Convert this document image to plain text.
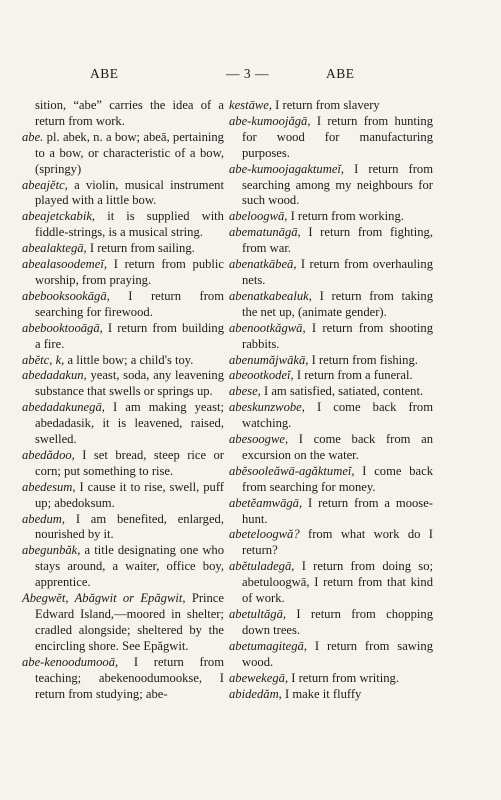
ABE	— 3 —	ABE

sition, “abe” carries the idea of a return from work.

abe. pl. abek, n. a bow; abeā, pertaining to a bow, or characteristic of a bow, (springy)

abeajĕtc, a violin, musical instrument played with a little bow.

abeajetckabik, it is supplied with fiddle-strings, is a musical string.

abealaktegā, I return from sailing.

abealasoodemeĭ, I return from public worship, from praying.

abebooksookāgā, I return from searching for firewood.

abebooktooāgā, I return from building a fire.

abĕtc, k, a little bow; a child's toy.

abedadakun, yeast, soda, any leavening substance that swells or springs up.

abedadakunegā, I am making yeast; abedadasik, it is leavened, raised, swelled.

abedădoo, I set bread, steep rice or corn; put something to rise.

abedesum, I cause it to rise, swell, puff up; abedoksum.

abedum, I am benefited, enlarged, nourished by it.

abegunbăk, a title designating one who stays around, a waiter, office boy, apprentice.

Abegwĕt, Abăgwit or Epăgwit, Prince Edward Island,—moored in shelter; cradled alongside; sheltered by the encircling shore. See Epăgwit.

abe-kenoodumooā, I return from teaching; abekenoodumookse, I return from studying; abe-

kestāwe, I return from slavery

abe-kumoojăgā, I return from hunting for wood for manufacturing purposes.

abe-kumoojagaktumeĭ, I return from searching among my neighbours for such wood.

abeloogwā, I return from working.

abematunāgā, I return from fighting, from war.

abenatkābeā, I return from overhauling nets.

abenatkabealuk, I return from taking the net up, (animate gender).

abenootkăgwā, I return from shooting rabbits.

abenumăjwākā, I return from fishing.

abeootkodeĭ, I return from a funeral.

abese, I am satisfied, satiated, content.

abeskunzwobe, I come back from watching.

abesoogwe, I come back from an excursion on the water.

abĕsooleăwā-agăktumeĭ, I come back from searching for money.

abetĕamwāgā, I return from a moose-hunt.

abeteloogwă? from what work do I return?

abĕtuladegā, I return from doing so; abetuloogwā, I return from that kind of work.

abetultăgā, I return from chopping down trees.

abetumagitegā, I return from sawing wood.

abewekegā, I return from writing.

abidedăm, I make it fluffy
